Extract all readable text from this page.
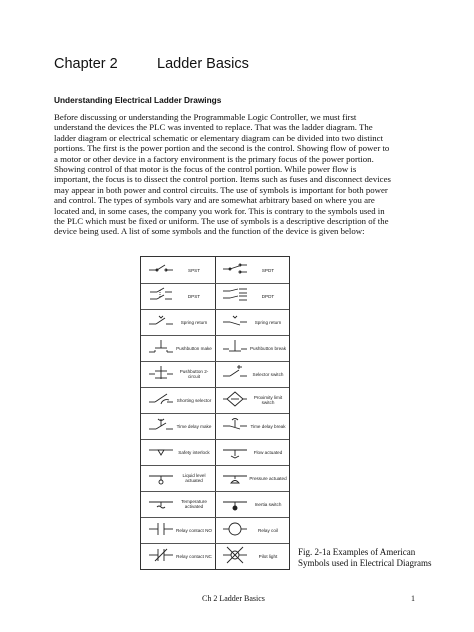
Chapter 2	Ladder Basics
Understanding Electrical Ladder Drawings
Before discussing or understanding the Programmable Logic Controller, we must first
understand the devices the PLC was invented to replace. That was the ladder diagram. The
ladder diagram or electrical schematic or elementary diagram can be divided into two distinct
portions. The first is the power portion and the second is the control. Showing flow of power to
a motor or other device in a factory environment is the primary focus of the power portion.
Showing control of that motor is the focus of the control portion. While power flow is
important, the focus is to dissect the control portion. Items such as fuses and disconnect devices
may appear in both power and control circuits. The use of symbols is important for both power
and control. The types of symbols vary and are somewhat arbitrary based on where you are
located and, in some cases, the company you work for. This is contrary to the symbols used in
the PLC which must be fixed or uniform. The use of symbols is a descriptive description of the
device being used. A list of some symbols and the function of the device is given below:
SPST	SPDT
DPST	DPDT
Spring return	Spring return
Pushbutton make	Pushbutton break
Pushbutton 2-circuit	Selector switch
Shorting selector	Proximity limit switch
Time delay make	Time delay break
Safety interlock	Flow actuated
Liquid level actuated	Pressure actuated
Temperature activated	Inertia switch
Relay contact NO	Relay coil
Relay contact NC	Pilot light	Fig. 2-1a Examples of American
Symbols used in Electrical Diagrams
Ch 2 Ladder Basics	1
